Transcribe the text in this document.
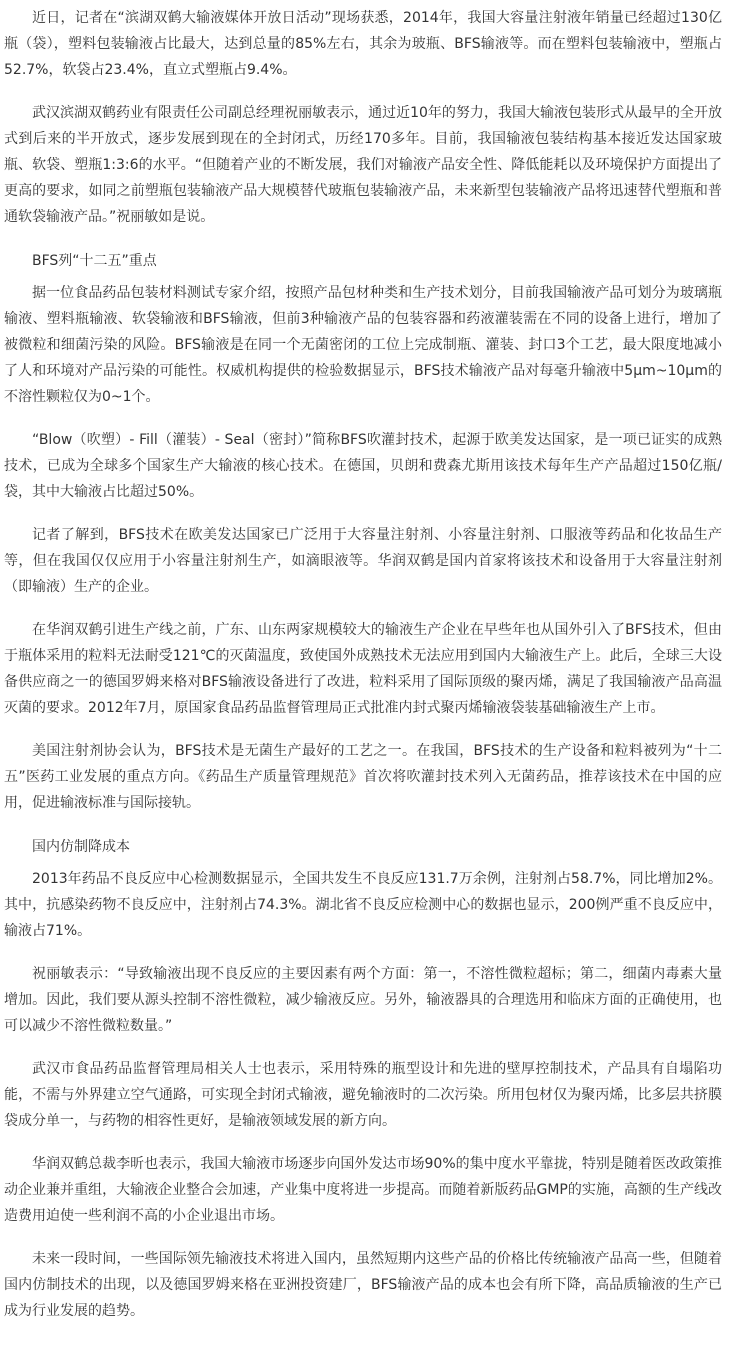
近日，记者在“滨湖双鹤大输液媒体开放日活动”现场获悉，2014年，我国大容量注射液年销量已经超过130亿瓶（袋），塑料包装输液占比最大，达到总量的85%左右，其余为玻瓶、BFS输液等。而在塑料包装输液中，塑瓶占52.7%，软袋占23.4%，直立式塑瓶占9.4%。

武汉滨湖双鹤药业有限责任公司副总经理祝丽敏表示，通过近10年的努力，我国大输液包装形式从最早的全开放式到后来的半开放式，逐步发展到现在的全封闭式，历经170多年。目前，我国输液包装结构基本接近发达国家玻瓶、软袋、塑瓶1:3:6的水平。“但随着产业的不断发展，我们对输液产品安全性、降低能耗以及环境保护方面提出了更高的要求，如同之前塑瓶包装输液产品大规模替代玻瓶包装输液产品，未来新型包装输液产品将迅速替代塑瓶和普通软袋输液产品。”祝丽敏如是说。

BFS列“十二五”重点

据一位食品药品包装材料测试专家介绍，按照产品包材种类和生产技术划分，目前我国输液产品可划分为玻璃瓶输液、塑料瓶输液、软袋输液和BFS输液，但前3种输液产品的包装容器和药液灌装需在不同的设备上进行，增加了被微粒和细菌污染的风险。BFS输液是在同一个无菌密闭的工位上完成制瓶、灌装、封口3个工艺，最大限度地减小了人和环境对产品污染的可能性。权威机构提供的检验数据显示，BFS技术输液产品对每毫升输液中5μm~10μm的不溶性颗粒仅为0~1个。

“Blow（吹塑）- Fill（灌装）- Seal（密封）”简称BFS吹灌封技术，起源于欧美发达国家，是一项已证实的成熟技术，已成为全球多个国家生产大输液的核心技术。在德国，贝朗和费森尤斯用该技术每年生产产品超过150亿瓶/袋，其中大输液占比超过50%。

记者了解到，BFS技术在欧美发达国家已广泛用于大容量注射剂、小容量注射剂、口服液等药品和化妆品生产等，但在我国仅仅应用于小容量注射剂生产，如滴眼液等。华润双鹤是国内首家将该技术和设备用于大容量注射剂（即输液）生产的企业。

在华润双鹤引进生产线之前，广东、山东两家规模较大的输液生产企业在早些年也从国外引入了BFS技术，但由于瓶体采用的粒料无法耐受121℃的灭菌温度，致使国外成熟技术无法应用到国内大输液生产上。此后，全球三大设备供应商之一的德国罗姆来格对BFS输液设备进行了改进，粒料采用了国际顶级的聚丙烯，满足了我国输液产品高温灭菌的要求。2012年7月，原国家食品药品监督管理局正式批准内封式聚丙烯输液袋装基础输液生产上市。

美国注射剂协会认为，BFS技术是无菌生产最好的工艺之一。在我国，BFS技术的生产设备和粒料被列为“十二五”医药工业发展的重点方向。《药品生产质量管理规范》首次将吹灌封技术列入无菌药品，推荐该技术在中国的应用，促进输液标准与国际接轨。

国内仿制降成本

2013年药品不良反应中心检测数据显示，全国共发生不良反应131.7万余例，注射剂占58.7%，同比增加2%。其中，抗感染药物不良反应中，注射剂占74.3%。湖北省不良反应检测中心的数据也显示，200例严重不良反应中，输液占71%。

祝丽敏表示：“导致输液出现不良反应的主要因素有两个方面：第一，不溶性微粒超标；第二，细菌内毒素大量增加。因此，我们要从源头控制不溶性微粒，减少输液反应。另外，输液器具的合理选用和临床方面的正确使用，也可以减少不溶性微粒数量。”

武汉市食品药品监督管理局相关人士也表示，采用特殊的瓶型设计和先进的壁厚控制技术，产品具有自塌陷功能，不需与外界建立空气通路，可实现全封闭式输液，避免输液时的二次污染。所用包材仅为聚丙烯，比多层共挤膜袋成分单一，与药物的相容性更好，是输液领域发展的新方向。

华润双鹤总裁李昕也表示，我国大输液市场逐步向国外发达市场90%的集中度水平靠拢，特别是随着医改政策推动企业兼并重组，大输液企业整合会加速，产业集中度将进一步提高。而随着新版药品GMP的实施，高额的生产线改造费用迫使一些利润不高的小企业退出市场。

未来一段时间，一些国际领先输液技术将进入国内，虽然短期内这些产品的价格比传统输液产品高一些，但随着国内仿制技术的出现，以及德国罗姆来格在亚洲投资建厂，BFS输液产品的成本也会有所下降，高品质输液的生产已成为行业发展的趋势。
